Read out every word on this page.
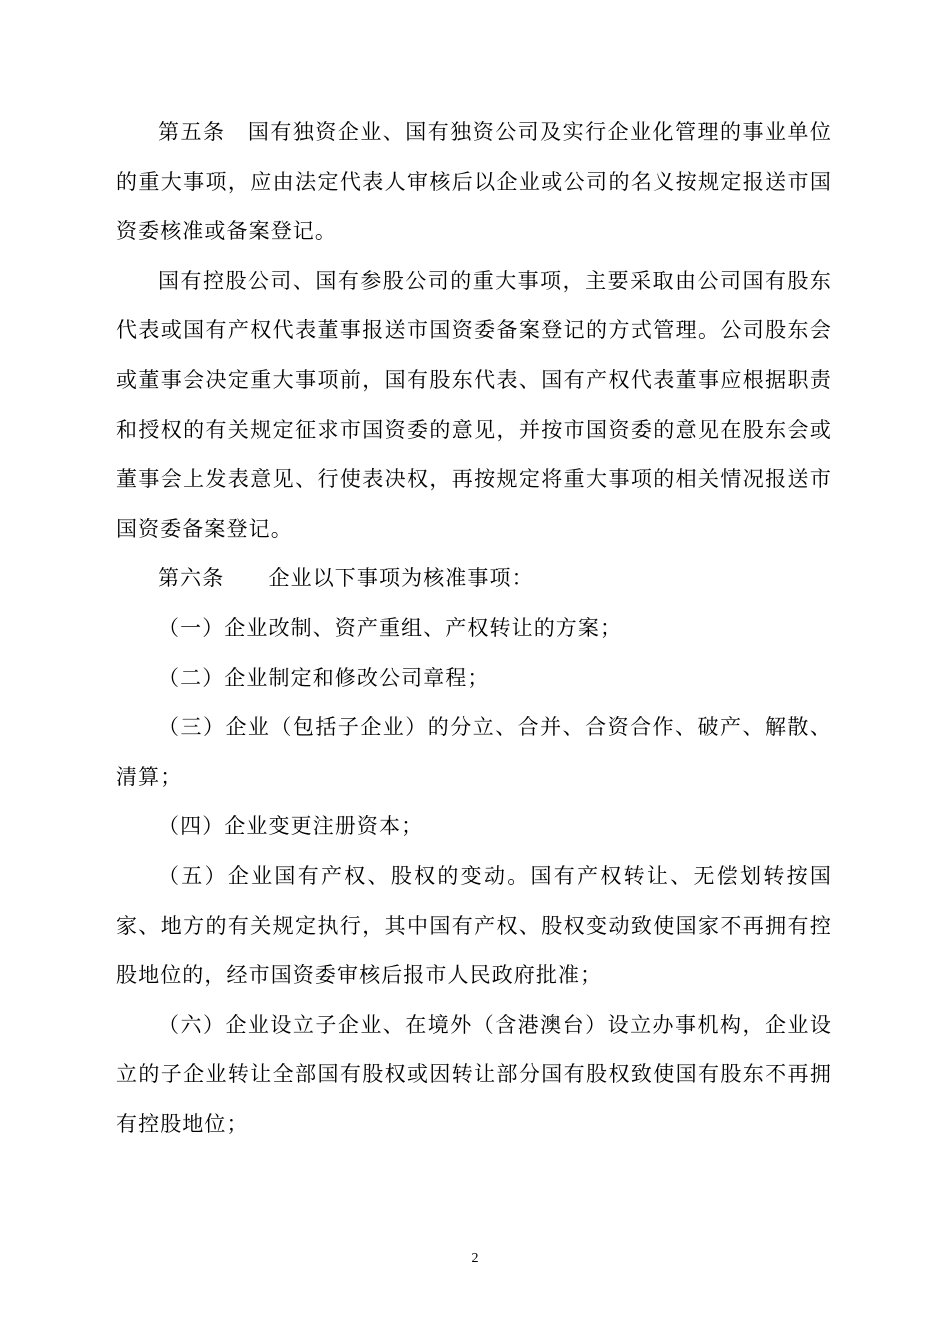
第五条　国有独资企业、国有独资公司及实行企业化管理的事业单位的重大事项，应由法定代表人审核后以企业或公司的名义按规定报送市国资委核准或备案登记。

国有控股公司、国有参股公司的重大事项，主要采取由公司国有股东代表或国有产权代表董事报送市国资委备案登记的方式管理。公司股东会或董事会决定重大事项前，国有股东代表、国有产权代表董事应根据职责和授权的有关规定征求市国资委的意见，并按市国资委的意见在股东会或董事会上发表意见、行使表决权，再按规定将重大事项的相关情况报送市国资委备案登记。

第六条　　企业以下事项为核准事项：

（一）企业改制、资产重组、产权转让的方案；

（二）企业制定和修改公司章程；

（三）企业（包括子企业）的分立、合并、合资合作、破产、解散、清算；

（四）企业变更注册资本；

（五）企业国有产权、股权的变动。国有产权转让、无偿划转按国家、地方的有关规定执行，其中国有产权、股权变动致使国家不再拥有控股地位的，经市国资委审核后报市人民政府批准；

（六）企业设立子企业、在境外（含港澳台）设立办事机构，企业设立的子企业转让全部国有股权或因转让部分国有股权致使国有股东不再拥有控股地位；

2
